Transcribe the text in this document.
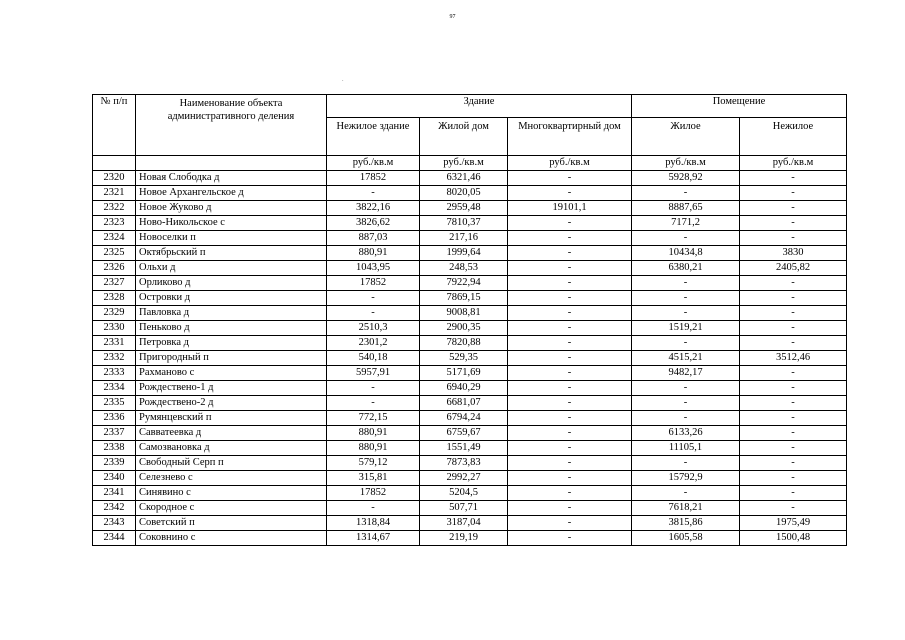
97
·
№ п/п	Наименование объекта административного деления	Здание			Помещение	
		Нежилое здание	Жилой дом	Многоквартирный дом	Жилое	Нежилое
		руб./кв.м	руб./кв.м	руб./кв.м	руб./кв.м	руб./кв.м
2320	Новая Слободка д	17852	6321,46	-	5928,92	-
2321	Новое Архангельское д	-	8020,05	-	-	-
2322	Новое Жуково д	3822,16	2959,48	19101,1	8887,65	-
2323	Ново-Никольское с	3826,62	7810,37	-	7171,2	-
2324	Новоселки п	887,03	217,16	-	-	-
2325	Октябрьский п	880,91	1999,64	-	10434,8	3830
2326	Ольхи д	1043,95	248,53	-	6380,21	2405,82
2327	Орликово д	17852	7922,94	-	-	-
2328	Островки д	-	7869,15	-	-	-
2329	Павловка д	-	9008,81	-	-	-
2330	Пеньково д	2510,3	2900,35	-	1519,21	-
2331	Петровка д	2301,2	7820,88	-	-	-
2332	Пригородный п	540,18	529,35	-	4515,21	3512,46
2333	Рахманово с	5957,91	5171,69	-	9482,17	-
2334	Рождествено-1 д	-	6940,29	-	-	-
2335	Рождествено-2 д	-	6681,07	-	-	-
2336	Румянцевский п	772,15	6794,24	-	-	-
2337	Савватеевка д	880,91	6759,67	-	6133,26	-
2338	Самозвановка д	880,91	1551,49	-	11105,1	-
2339	Свободный Серп п	579,12	7873,83	-	-	-
2340	Селезнево с	315,81	2992,27	-	15792,9	-
2341	Синявино с	17852	5204,5	-	-	-
2342	Скородное с	-	507,71	-	7618,21	-
2343	Советский п	1318,84	3187,04	-	3815,86	1975,49
2344	Соковнино с	1314,67	219,19	-	1605,58	1500,48
